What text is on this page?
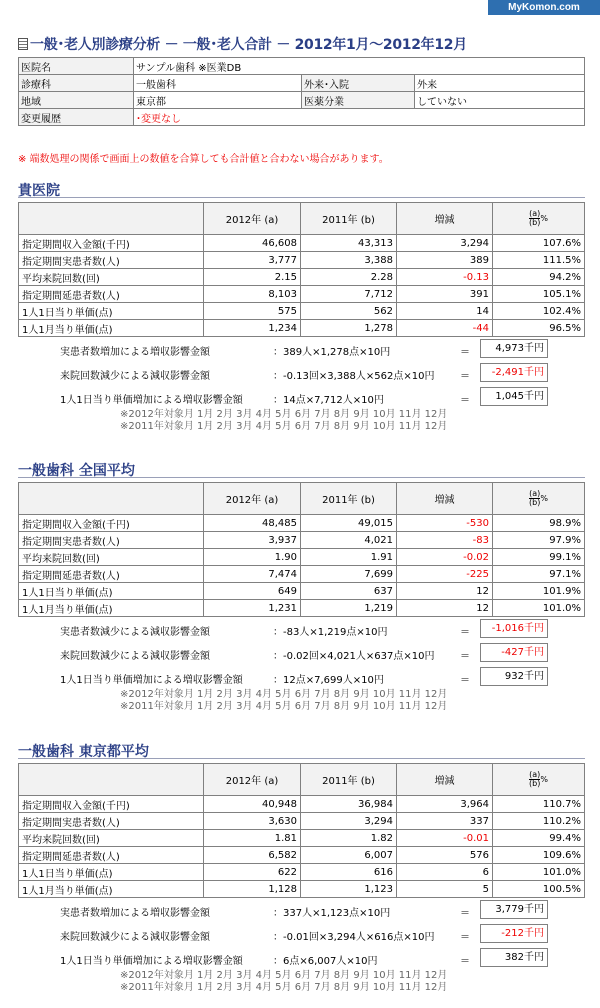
MyKomon.com
一般･老人別診療分析 － 一般･老人合計 － 2012年1月～2012年12月
医院名	サンプル歯科 ※医業DB		
診療科	一般歯科	外来･入院	外来
地域	東京都	医薬分業	していない
変更履歴	･変更なし		
※ 端数処理の関係で画面上の数値を合算しても合計値と合わない場合があります。
貴医院
	2012年 (a)	2011年 (b)	増減	$\frac{(a)}{(b)}$ %
指定期間収入金額(千円)	46,608	43,313	3,294	107.6%
指定期間実患者数(人)	3,777	3,388	389	111.5%
平均来院回数(回)	2.15	2.28	-0.13	94.2%
指定期間延患者数(人)	8,103	7,712	391	105.1%
1人1日当り単価(点)	575	562	14	102.4%
1人1月当り単価(点)	1,234	1,278	-44	96.5%
実患者数増加による増収影響金額	：389人×1,278点×10円	＝	4,973千円
来院回数減少による減収影響金額	：-0.13回×3,388人×562点×10円	＝	-2,491千円
1人1日当り単価増加による増収影響金額	：14点×7,712人×10円	＝	1,045千円
※2012年対象月 1月 2月 3月 4月 5月 6月 7月 8月 9月 10月 11月 12月
※2011年対象月 1月 2月 3月 4月 5月 6月 7月 8月 9月 10月 11月 12月
一般歯科 全国平均
	2012年 (a)	2011年 (b)	増減	$\frac{(a)}{(b)}$ %
指定期間収入金額(千円)	48,485	49,015	-530	98.9%
指定期間実患者数(人)	3,937	4,021	-83	97.9%
平均来院回数(回)	1.90	1.91	-0.02	99.1%
指定期間延患者数(人)	7,474	7,699	-225	97.1%
1人1日当り単価(点)	649	637	12	101.9%
1人1月当り単価(点)	1,231	1,219	12	101.0%
実患者数減少による減収影響金額	：-83人×1,219点×10円	＝	-1,016千円
来院回数減少による減収影響金額	：-0.02回×4,021人×637点×10円	＝	-427千円
1人1日当り単価増加による増収影響金額	：12点×7,699人×10円	＝	932千円
※2012年対象月 1月 2月 3月 4月 5月 6月 7月 8月 9月 10月 11月 12月
※2011年対象月 1月 2月 3月 4月 5月 6月 7月 8月 9月 10月 11月 12月
一般歯科 東京都平均
	2012年 (a)	2011年 (b)	増減	$\frac{(a)}{(b)}$ %
指定期間収入金額(千円)	40,948	36,984	3,964	110.7%
指定期間実患者数(人)	3,630	3,294	337	110.2%
平均来院回数(回)	1.81	1.82	-0.01	99.4%
指定期間延患者数(人)	6,582	6,007	576	109.6%
1人1日当り単価(点)	622	616	6	101.0%
1人1月当り単価(点)	1,128	1,123	5	100.5%
実患者数増加による増収影響金額	：337人×1,123点×10円	＝	3,779千円
来院回数減少による減収影響金額	：-0.01回×3,294人×616点×10円	＝	-212千円
1人1日当り単価増加による増収影響金額	：6点×6,007人×10円	＝	382千円
※2012年対象月 1月 2月 3月 4月 5月 6月 7月 8月 9月 10月 11月 12月
※2011年対象月 1月 2月 3月 4月 5月 6月 7月 8月 9月 10月 11月 12月
